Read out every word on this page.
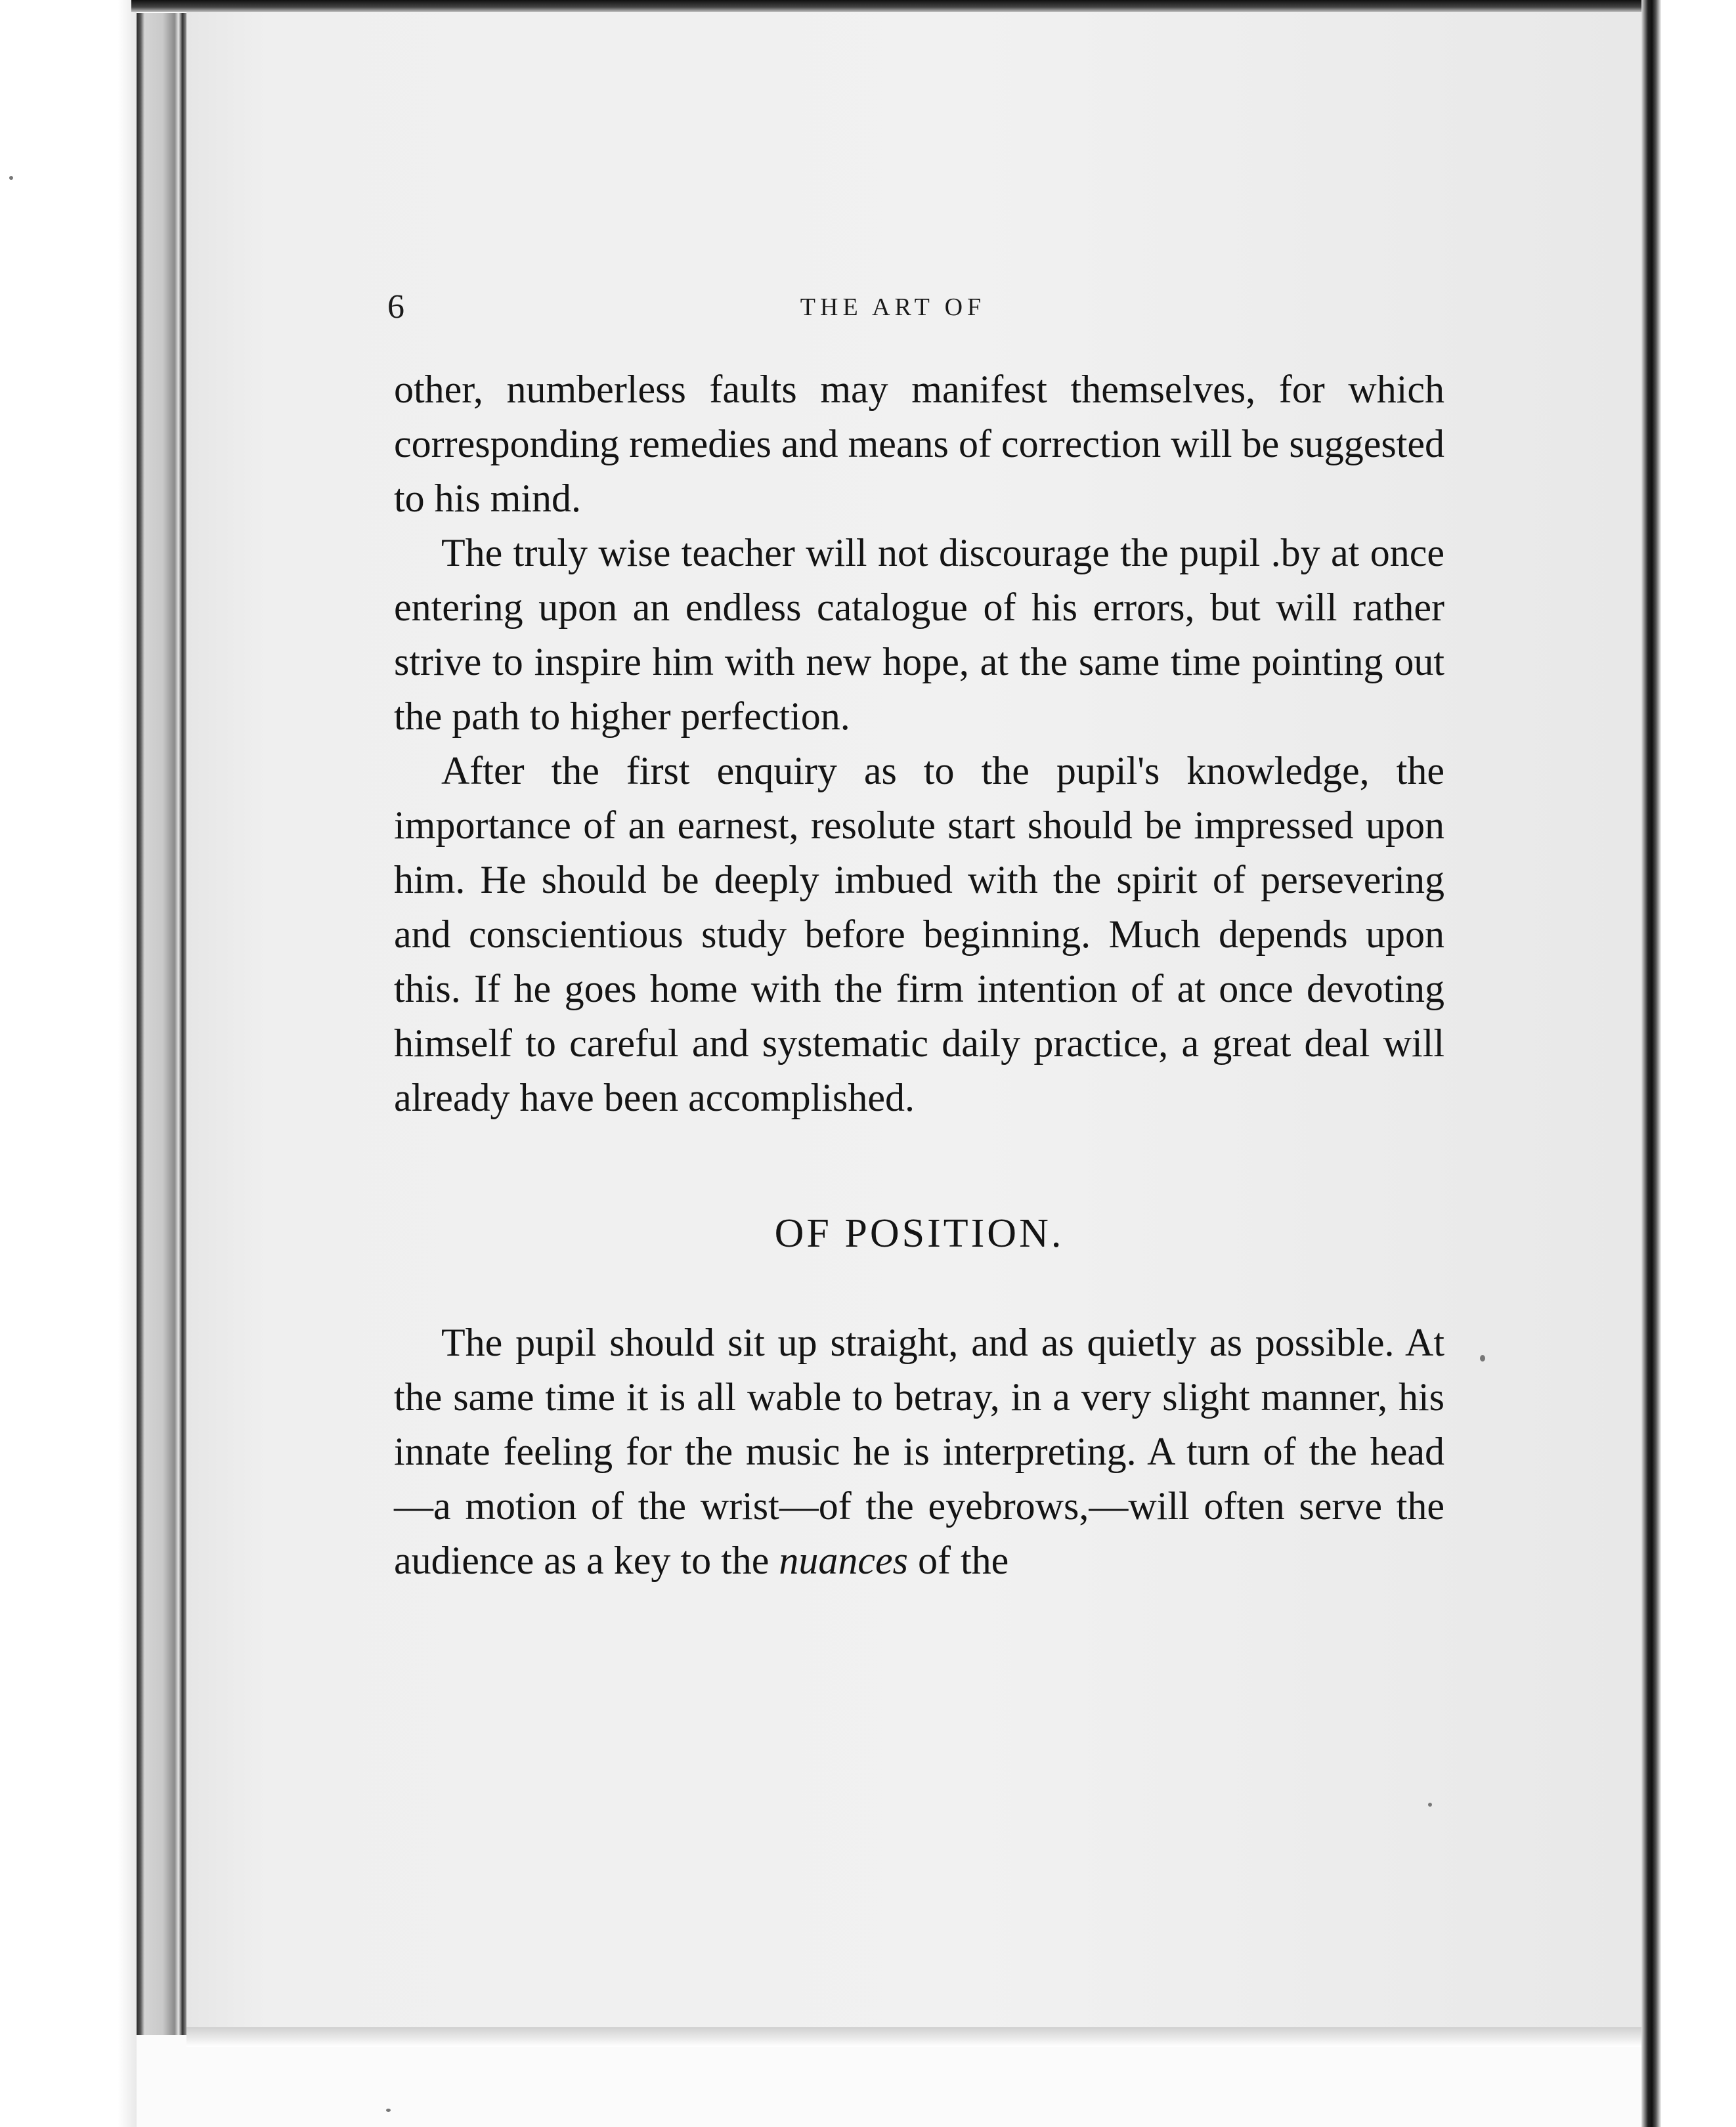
6	THE ART OF

other, numberless faults may manifest themselves, for which corresponding remedies and means of correction will be suggested to his mind.

The truly wise teacher will not discourage the pupil .by at once entering upon an endless catalogue of his errors, but will rather strive to inspire him with new hope, at the same time pointing out the path to higher perfection.

After the first enquiry as to the pupil's knowledge, the importance of an earnest, resolute start should be impressed upon him. He should be deeply imbued with the spirit of persevering and conscientious study before beginning. Much depends upon this. If he goes home with the firm intention of at once devoting himself to careful and systematic daily practice, a great deal will already have been accomplished.

OF POSITION.

The pupil should sit up straight, and as quietly as possible. At the same time it is all wable to betray, in a very slight manner, his innate feeling for the music he is interpreting. A turn of the head—a motion of the wrist—of the eyebrows,—will often serve the audience as a key to the nuances of the
